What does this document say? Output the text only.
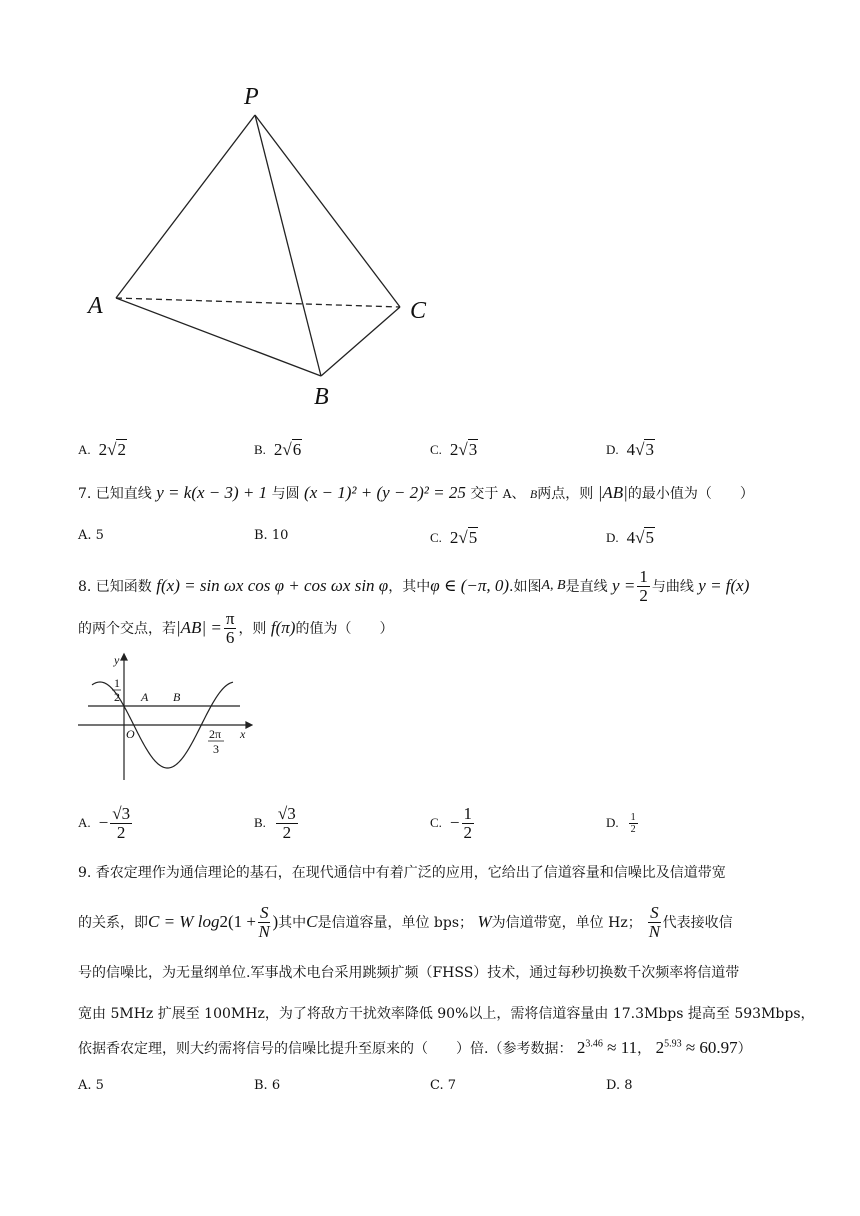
P
A
B
C
A. 2√2	B. 2√6	C. 2√3	D. 4√3
7. 已知直线 y = k(x − 3) + 1 与圆 (x − 1)² + (y − 2)² = 25 交于 A、 B两点，则 |AB|的最小值为（　　）
A. 5	B. 10	C. 2√5	D. 4√5
8. 已知函数
f(x) = sin ωx cos φ + cos ωx sin φ ，其中 φ ∈ (−π, 0) .如图 A, B 是直线
$y = \frac{1}{2}$ 与曲线
y = f(x)
的两个交点，若 $|AB| = \frac{\pi}{6}$ ，则
f(π) 的值为（　　）
y
x
O
1
2 A B
2π
3
A. − $\frac{√3}{2}$	B. $\frac{√3}{2}$	C. − $\frac{1}{2}$	D. $\frac{1}{2}$
9. 香农定理作为通信理论的基石，在现代通信中有着广泛的应用，它给出了信道容量和信噪比及信道带宽
的关系，即 C = W log 2 ($1 + \frac{S}{N}$ ) 其中 C 是信道容量，单位 bps；
W 为信道带宽，单位 Hz；
$\frac{S}{N}$ 代表接收信
号的信噪比，为无量纲单位.军事战术电台采用跳频扩频（FHSS）技术，通过每秒切换数千次频率将信道带
宽由 5MHz 扩展至 100MHz，为了将敌方干扰效率降低 90%以上，需将信道容量由 17.3Mbps 提高至 593Mbps，
依据香农定理，则大约需将信号的信噪比提升至原来的（　　）倍.（参考数据： $2^{3.46} \approx 11$， $2^{5.93} \approx 60.97$）
A. 5	B. 6	C. 7	D. 8
